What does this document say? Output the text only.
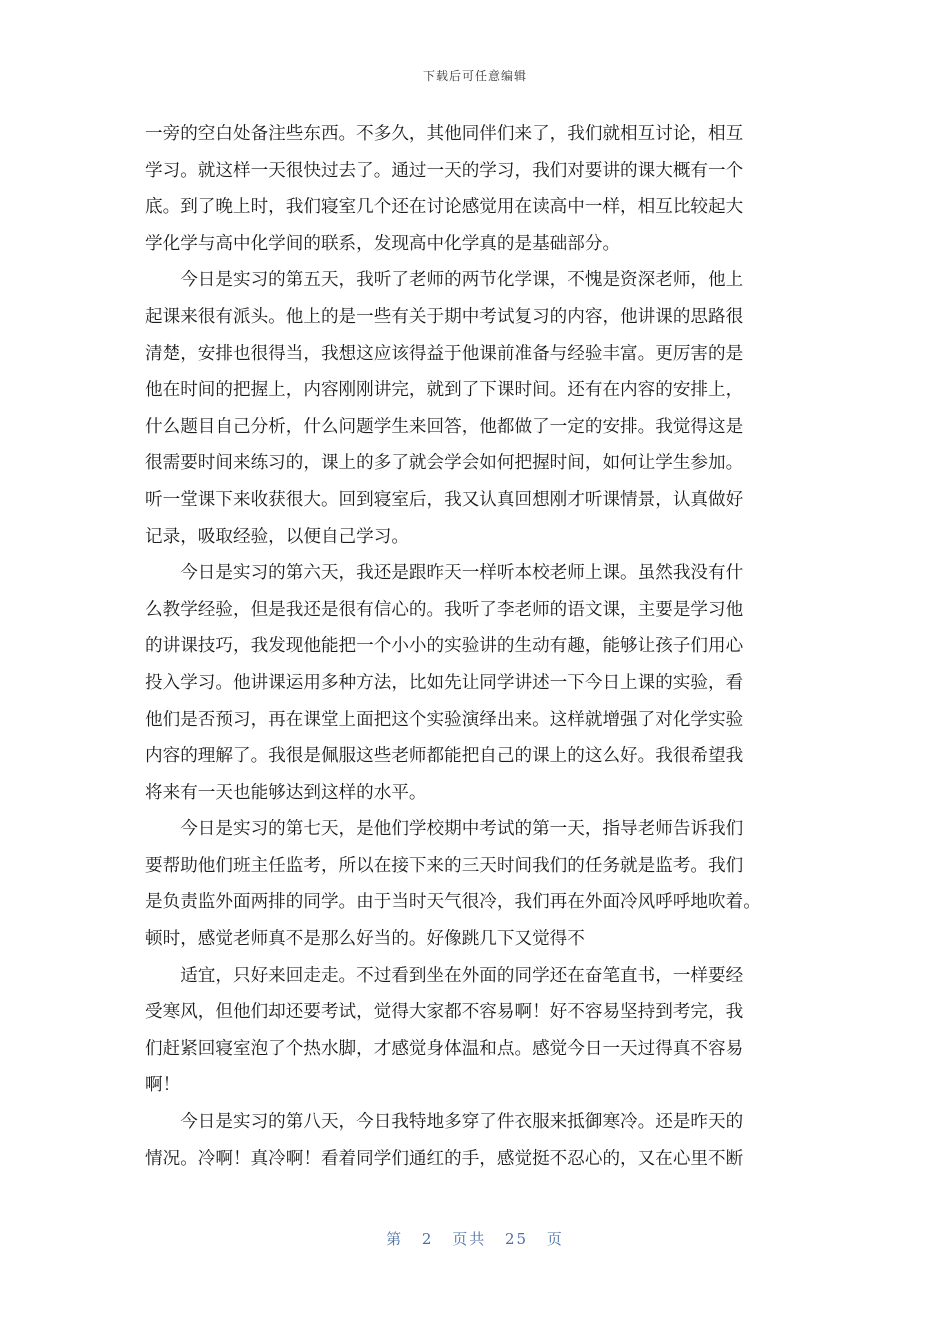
下载后可任意编辑
一旁的空白处备注些东西。不多久，其他同伴们来了，我们就相互讨论，相互
学习。就这样一天很快过去了。通过一天的学习，我们对要讲的课大概有一个
底。到了晚上时，我们寝室几个还在讨论感觉用在读高中一样，相互比较起大
学化学与高中化学间的联系，发现高中化学真的是基础部分。
　　今日是实习的第五天，我听了老师的两节化学课，不愧是资深老师，他上
起课来很有派头。他上的是一些有关于期中考试复习的内容，他讲课的思路很
清楚，安排也很得当，我想这应该得益于他课前准备与经验丰富。更厉害的是
他在时间的把握上，内容刚刚讲完，就到了下课时间。还有在内容的安排上，
什么题目自己分析，什么问题学生来回答，他都做了一定的安排。我觉得这是
很需要时间来练习的，课上的多了就会学会如何把握时间，如何让学生参加。
听一堂课下来收获很大。回到寝室后，我又认真回想刚才听课情景，认真做好
记录，吸取经验，以便自己学习。
　　今日是实习的第六天，我还是跟昨天一样听本校老师上课。虽然我没有什
么教学经验，但是我还是很有信心的。我听了李老师的语文课，主要是学习他
的讲课技巧，我发现他能把一个小小的实验讲的生动有趣，能够让孩子们用心
投入学习。他讲课运用多种方法，比如先让同学讲述一下今日上课的实验，看
他们是否预习，再在课堂上面把这个实验演绎出来。这样就增强了对化学实验
内容的理解了。我很是佩服这些老师都能把自己的课上的这么好。我很希望我
将来有一天也能够达到这样的水平。
　　今日是实习的第七天，是他们学校期中考试的第一天，指导老师告诉我们
要帮助他们班主任监考，所以在接下来的三天时间我们的任务就是监考。我们
是负责监外面两排的同学。由于当时天气很冷，我们再在外面冷风呼呼地吹着。
顿时，感觉老师真不是那么好当的。好像跳几下又觉得不
　　适宜，只好来回走走。不过看到坐在外面的同学还在奋笔直书，一样要经
受寒风，但他们却还要考试，觉得大家都不容易啊！好不容易坚持到考完，我
们赶紧回寝室泡了个热水脚，才感觉身体温和点。感觉今日一天过得真不容易
啊！
　　今日是实习的第八天，今日我特地多穿了件衣服来抵御寒冷。还是昨天的
情况。冷啊！真冷啊！看着同学们通红的手，感觉挺不忍心的，又在心里不断
第 2 页共 25 页
